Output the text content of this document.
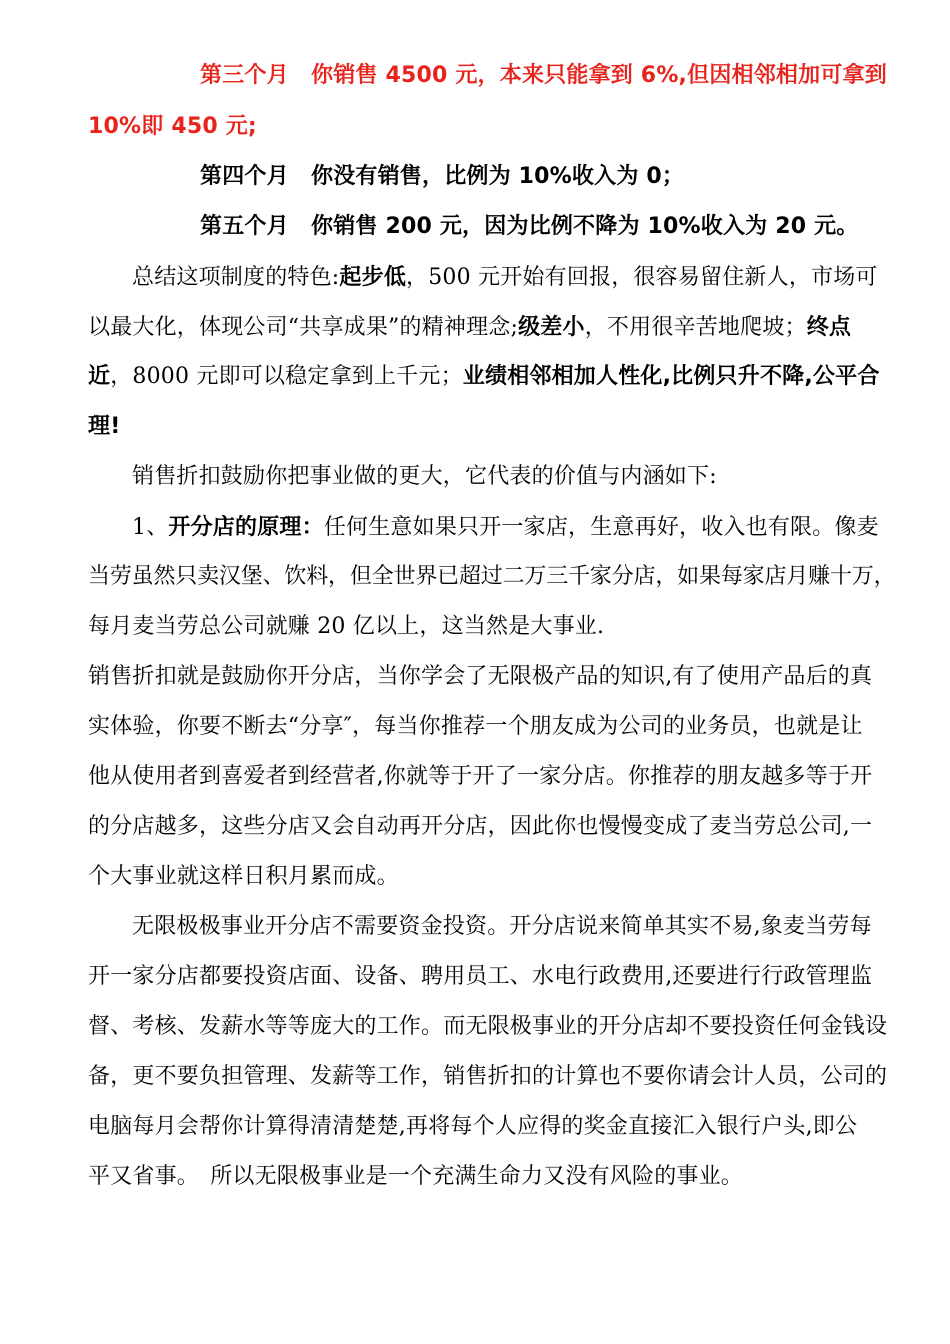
第三个月　你销售 4500 元，本来只能拿到 6%,但因相邻相加可拿到
10%即 450 元;
第四个月　你没有销售，比例为 10%收入为 0；
第五个月　你销售 200 元，因为比例不降为 10%收入为 20 元。
总结这项制度的特色:起步低，500 元开始有回报，很容易留住新人，市场可
以最大化，体现公司“共享成果”的精神理念;级差小，不用很辛苦地爬坡；终点
近，8000 元即可以稳定拿到上千元；业绩相邻相加人性化,比例只升不降,公平合
理!
销售折扣鼓励你把事业做的更大，它代表的价值与内涵如下:
1、开分店的原理：任何生意如果只开一家店，生意再好，收入也有限。像麦
当劳虽然只卖汉堡、饮料，但全世界已超过二万三千家分店，如果每家店月赚十万，
每月麦当劳总公司就赚 20 亿以上，这当然是大事业.
销售折扣就是鼓励你开分店，当你学会了无限极产品的知识,有了使用产品后的真
实体验，你要不断去“分享″，每当你推荐一个朋友成为公司的业务员，也就是让
他从使用者到喜爱者到经营者,你就等于开了一家分店。你推荐的朋友越多等于开
的分店越多，这些分店又会自动再开分店，因此你也慢慢变成了麦当劳总公司,一
个大事业就这样日积月累而成。
无限极极事业开分店不需要资金投资。开分店说来简单其实不易,象麦当劳每
开一家分店都要投资店面、设备、聘用员工、水电行政费用,还要进行行政管理监
督、考核、发薪水等等庞大的工作。而无限极事业的开分店却不要投资任何金钱设
备，更不要负担管理、发薪等工作，销售折扣的计算也不要你请会计人员，公司的
电脑每月会帮你计算得清清楚楚,再将每个人应得的奖金直接汇入银行户头,即公
平又省事。　所以无限极事业是一个充满生命力又没有风险的事业。
